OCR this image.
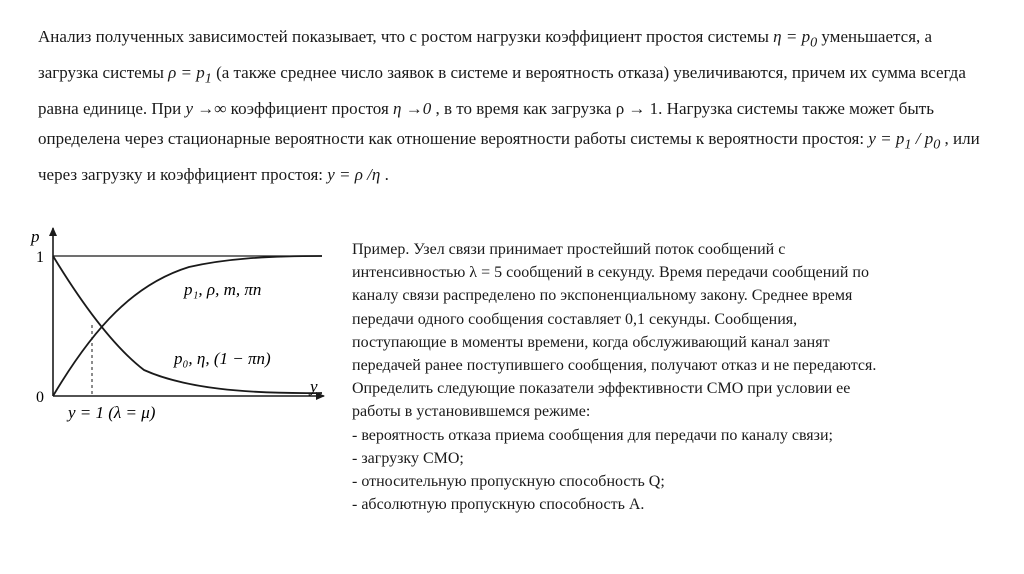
Анализ полученных зависимостей показывает, что с ростом нагрузки коэффициент простоя системы $\eta = p_0$ уменьшается, а загрузка системы $\rho = p_1$ (а также среднее число заявок в системе и вероятность отказа) увеличиваются, причем их сумма всегда равна единице. При y →∞ коэффициент простоя η →0 , в то время как загрузка ρ → 1. Нагрузка системы также может быть определена через стационарные вероятности как отношение вероятности работы системы к вероятности простоя: $y = p_1 / p_0$ , или через загрузку и коэффициент простоя: y = ρ /η .

p
1
0
y
p₁, ρ, m, πп
p₀, η, (1 − πп)
y = 1 (λ = μ)
Пример. Узел связи принимает простейший поток сообщений с
интенсивностью λ = 5 сообщений в секунду. Время передачи сообщений по
каналу связи распределено по экспоненциальному закону. Среднее время
передачи одного сообщения составляет 0,1 секунды. Сообщения,
поступающие в моменты времени, когда обслуживающий канал занят
передачей ранее поступившего сообщения, получают отказ и не передаются.
Определить следующие показатели эффективности СМО при условии ее
работы в установившемся режиме:
- вероятность отказа приема сообщения для передачи по каналу связи;
- загрузку СМО;
- относительную пропускную способность Q;
- абсолютную пропускную способность А.
